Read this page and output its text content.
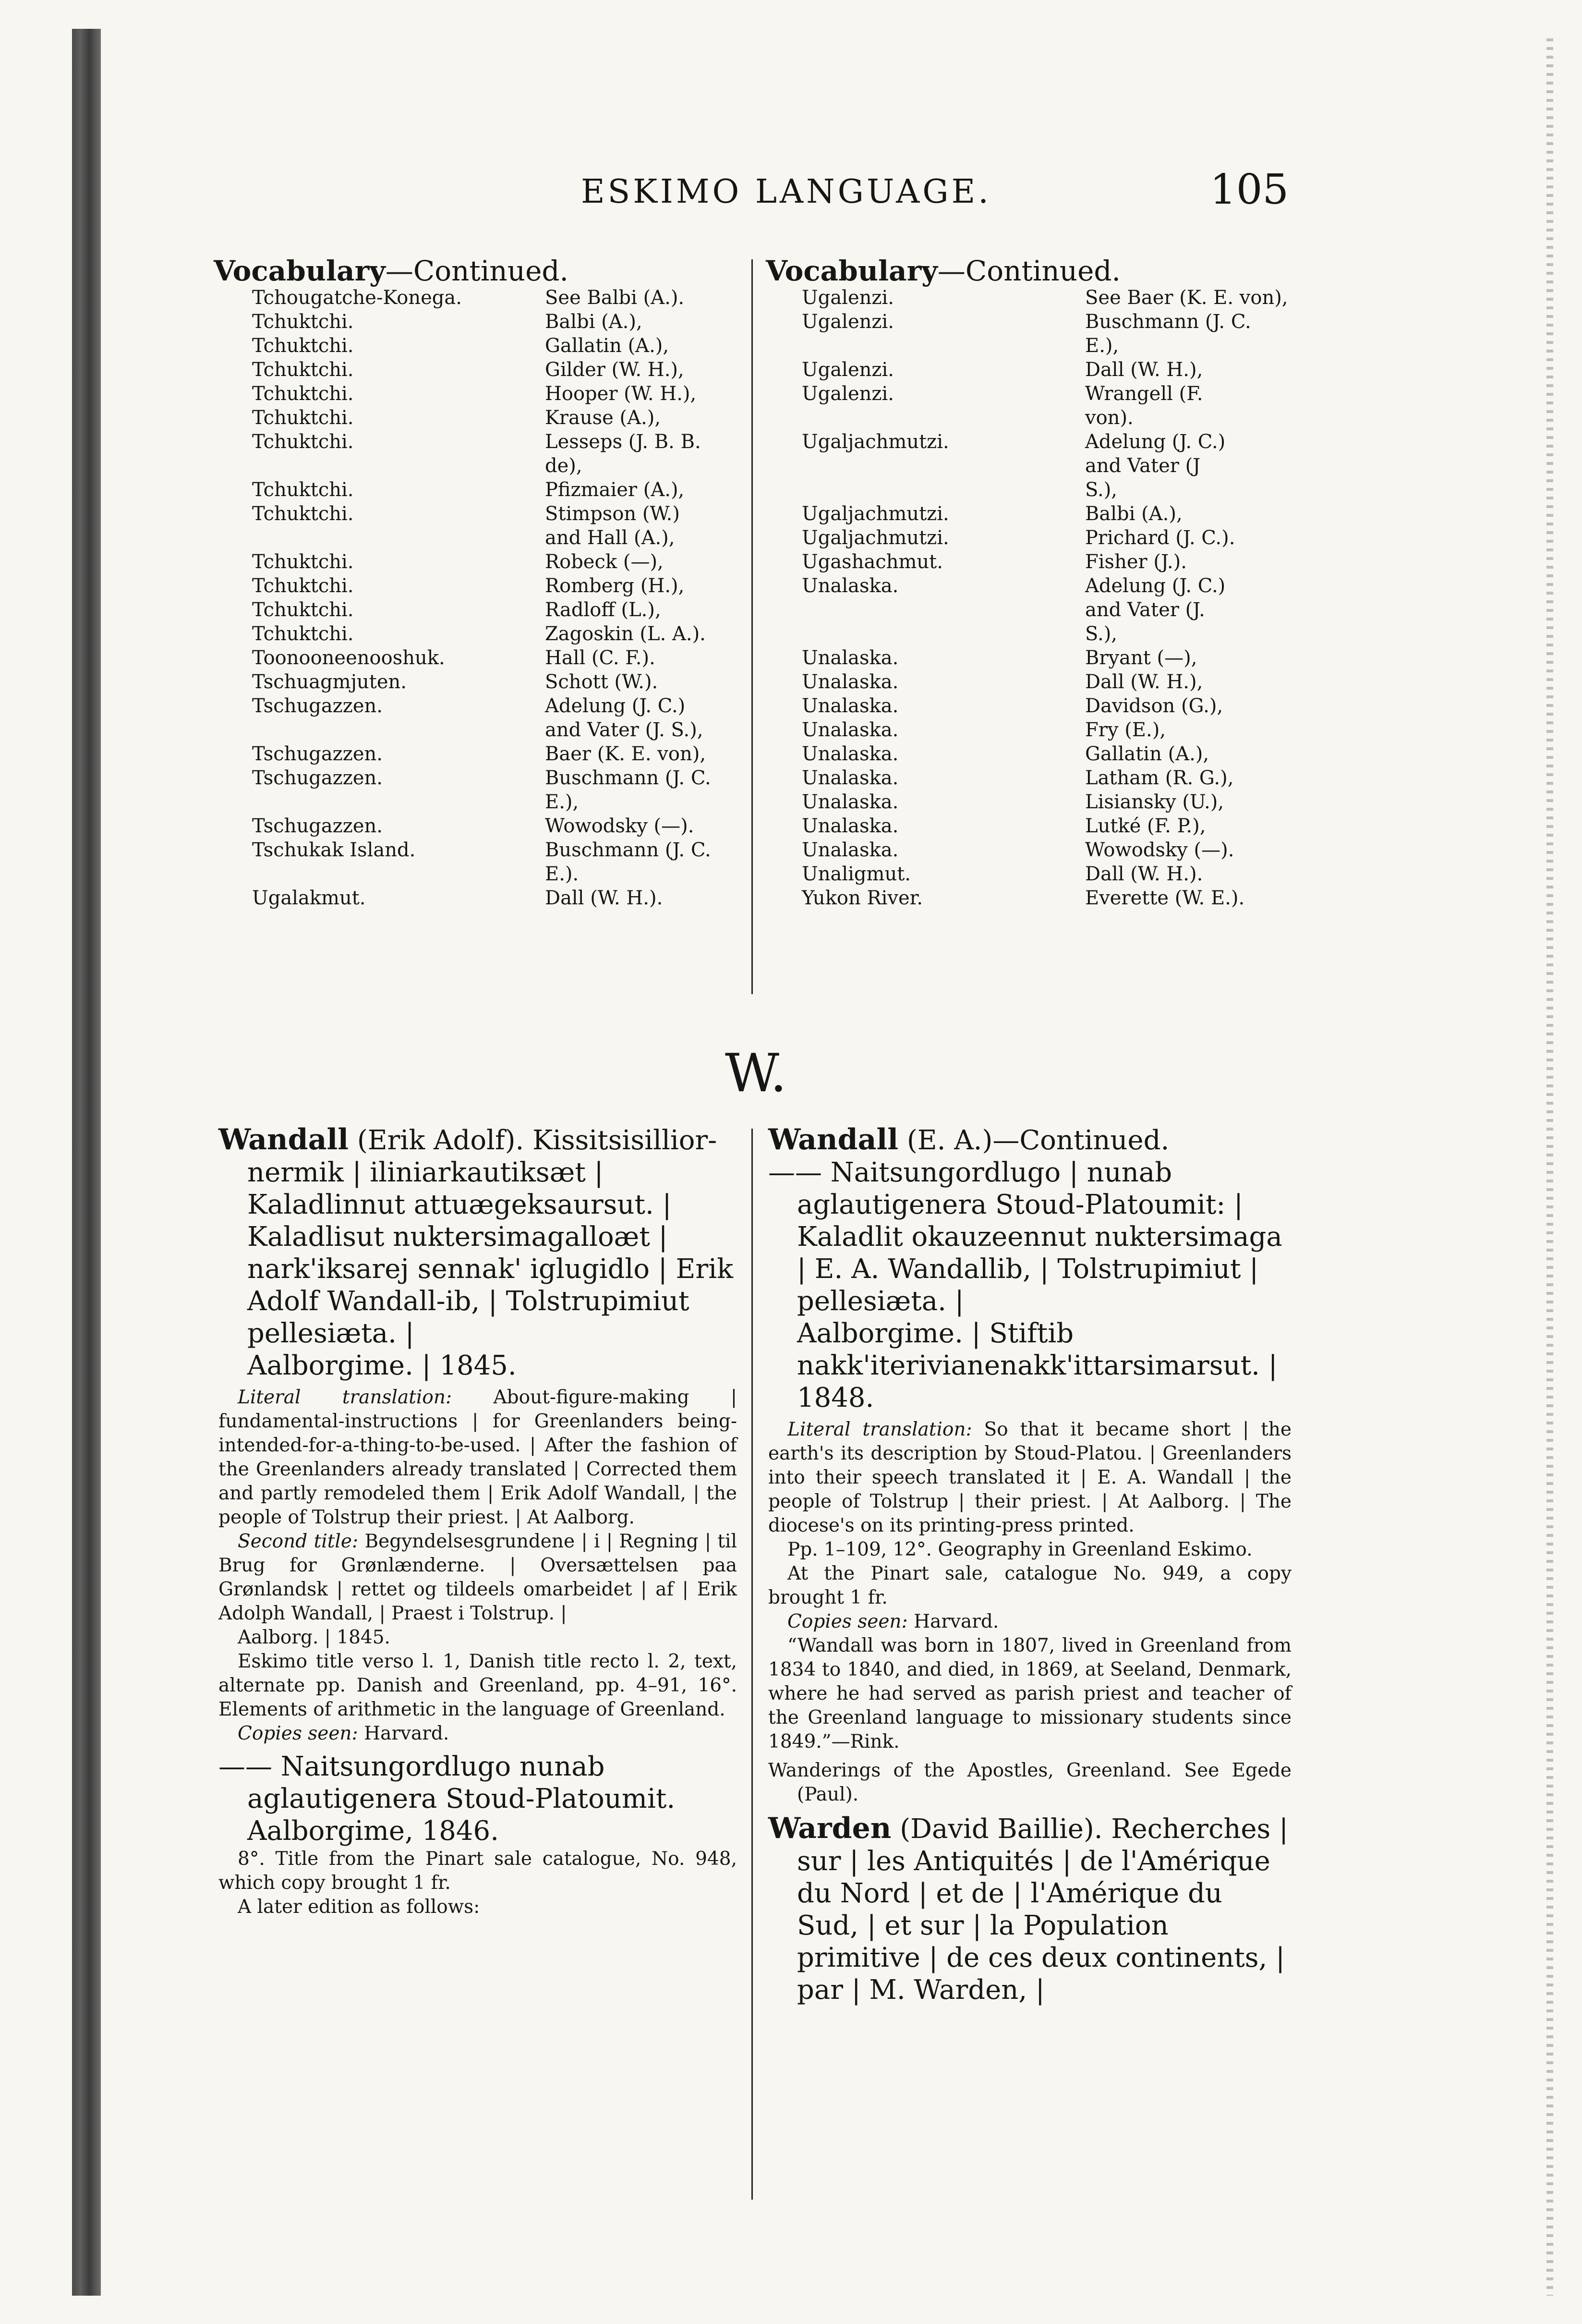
ESKIMO LANGUAGE.	105
Vocabulary—Continued.
Tchougatche-Konega.	See Balbi (A.).
Tchuktchi.	Balbi (A.),
Tchuktchi.	Gallatin (A.),
Tchuktchi.	Gilder (W. H.),
Tchuktchi.	Hooper (W. H.),
Tchuktchi.	Krause (A.),
Tchuktchi.	Lesseps (J. B. B.
de),
Tchuktchi.	Pfizmaier (A.),
Tchuktchi.	Stimpson (W.)
and Hall (A.),
Tchuktchi.	Robeck (—),
Tchuktchi.	Romberg (H.),
Tchuktchi.	Radloff (L.),
Tchuktchi.	Zagoskin (L. A.).
Toonooneenooshuk.	Hall (C. F.).
Tschuagmjuten.	Schott (W.).
Tschugazzen.	Adelung (J. C.)
and Vater (J. S.),
Tschugazzen.	Baer (K. E. von),
Tschugazzen.	Buschmann (J. C.
E.),
Tschugazzen.	Wowodsky (—).
Tschukak Island.	Buschmann (J. C.
E.).
Ugalakmut.	Dall (W. H.).
Vocabulary—Continued.
Ugalenzi.	See Baer (K. E. von),
Ugalenzi.	Buschmann (J. C.
E.),
Ugalenzi.	Dall (W. H.),
Ugalenzi.	Wrangell (F.
von).
Ugaljachmutzi.	Adelung (J. C.)
and Vater (J
S.),
Ugaljachmutzi.	Balbi (A.),
Ugaljachmutzi.	Prichard (J. C.).
Ugashachmut.	Fisher (J.).
Unalaska.	Adelung (J. C.)
and Vater (J.
S.),
Unalaska.	Bryant (—),
Unalaska.	Dall (W. H.),
Unalaska.	Davidson (G.),
Unalaska.	Fry (E.),
Unalaska.	Gallatin (A.),
Unalaska.	Latham (R. G.),
Unalaska.	Lisiansky (U.),
Unalaska.	Lutké (F. P.),
Unalaska.	Wowodsky (—).
Unaligmut.	Dall (W. H.).
Yukon River.	Everette (W. E.).
W.

Wandall (Erik Adolf). Kissitsisilliornermik | iliniarkautiksæt | Kaladlinnut attuægeksaursut. | Kaladlisut nuktersimagalloæt | nark'iksarej sennak' iglugidlo | Erik Adolf Wandall-ib, | Tolstrupimiut pellesiæta. |

Aalborgime. | 1845.

Literal translation: About-figure-making | fundamental-instructions | for Greenlanders being-intended-for-a-thing-to-be-used. | After the fashion of the Greenlanders already translated | Corrected them and partly remodeled them | Erik Adolf Wandall, | the people of Tolstrup their priest. | At Aalborg.

Second title: Begyndelsesgrundene | i | Regning | til Brug for Grønlænderne. | Oversættelsen paa Grønlandsk | rettet og tildeels omarbeidet | af | Erik Adolph Wandall, | Praest i Tolstrup. |

Aalborg. | 1845.

Eskimo title verso l. 1, Danish title recto l. 2, text, alternate pp. Danish and Greenland, pp. 4–91, 16°. Elements of arithmetic in the language of Greenland.

Copies seen: Harvard.

—— Naitsungordlugo nunab aglautigenera Stoud-Platoumit.

Aalborgime, 1846.

8°. Title from the Pinart sale catalogue, No. 948, which copy brought 1 fr.

A later edition as follows:

Wandall (E. A.)—Continued.

—— Naitsungordlugo | nunab aglautigenera Stoud-Platoumit: | Kaladlit okauzeennut nuktersimaga | E. A. Wandallib, | Tolstrupimiut | pellesiæta. |

Aalborgime. | Stiftib nakk'iterivianenakk'ittarsimarsut. | 1848.

Literal translation: So that it became short | the earth's its description by Stoud-Platou. | Greenlanders into their speech translated it | E. A. Wandall | the people of Tolstrup | their priest. | At Aalborg. | The diocese's on its printing-press printed.

Pp. 1–109, 12°. Geography in Greenland Eskimo.

At the Pinart sale, catalogue No. 949, a copy brought 1 fr.

Copies seen: Harvard.

“Wandall was born in 1807, lived in Greenland from 1834 to 1840, and died, in 1869, at Seeland, Denmark, where he had served as parish priest and teacher of the Greenland language to missionary students since 1849.”—Rink.

Wanderings of the Apostles, Greenland. See Egede (Paul).

Warden (David Baillie). Recherches | sur | les Antiquités | de l'Amérique du Nord | et de | l'Amérique du Sud, | et sur | la Population primitive | de ces deux continents, | par | M. Warden, |
